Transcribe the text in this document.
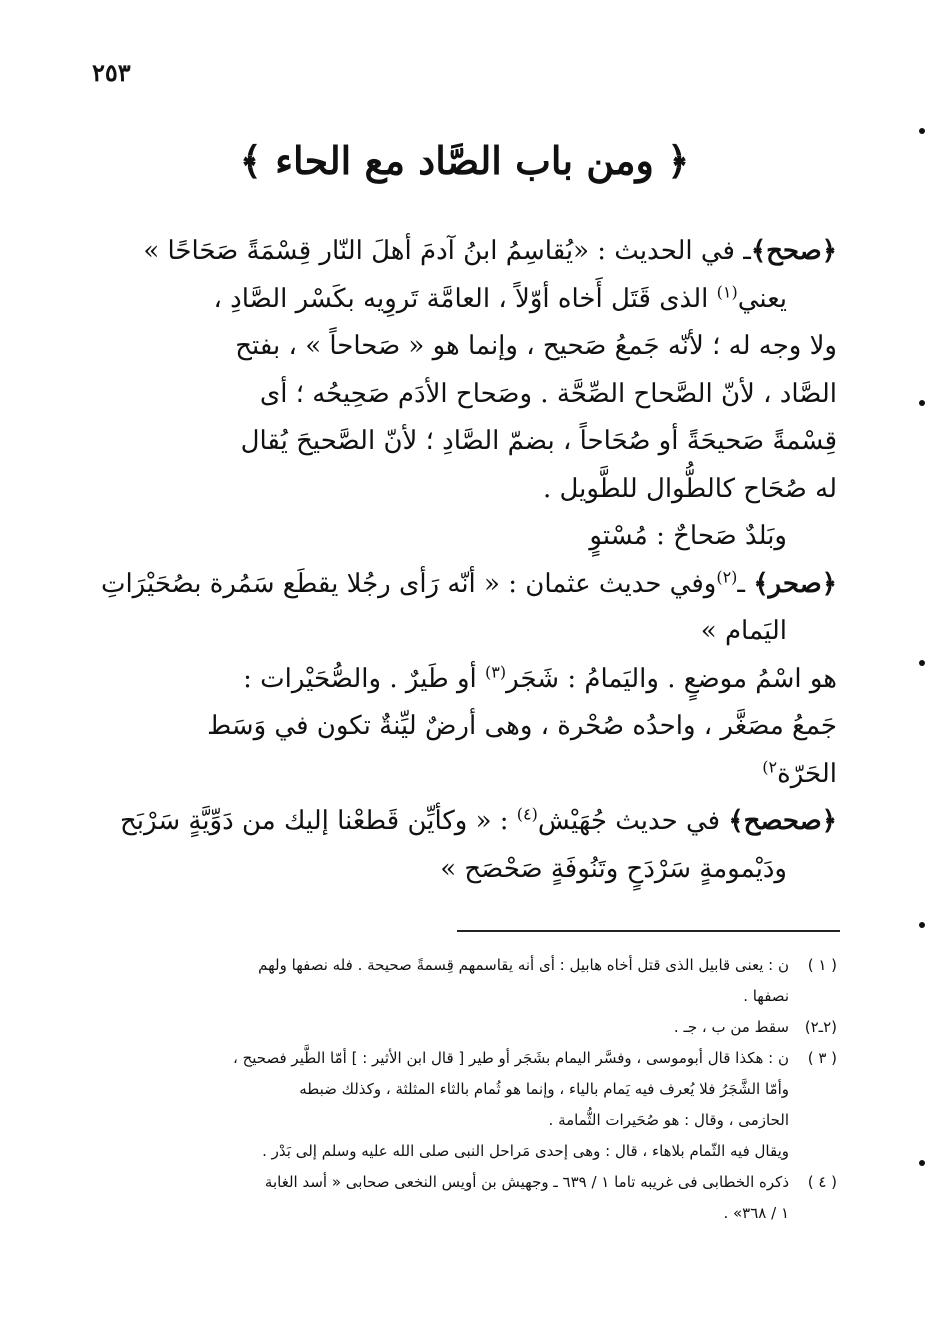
٢٥٣
﴿ ومن باب الصَّاد مع الحاء ﴾

﴿صحح﴾ـ في الحديث : «يُقاسِمُ ابنُ آدمَ أهلَ النّار قِسْمَةً صَحَاحًا »

يعني$^{(١)}$ الذى قَتَل أَخاه أوّلاً ، العامَّة تَروِيه بكَسْر الصَّادِ ،

ولا وجه له ؛ لأنّه جَمعُ صَحيح ، وإنما هو « صَحاحاً » ، بفتح

الصَّاد ، لأنّ الصَّحاح الصِّحَّة . وصَحاح الأدَم صَحِيحُه ؛ أى

قِسْمةً صَحيحَةً أو صُحَاحاً ، بضمّ الصَّادِ ؛ لأنّ الصَّحيحَ يُقال

له صُحَاح كالطُّوال للطَّويل .

وبَلدٌ صَحاحٌ : مُسْتوٍ

﴿صحر﴾ ـ$^{(٢)}$وفي حديث عثمان : « أنّه رَأى رجُلا يقطَع سَمُرة بصُحَيْرَاتِ

اليَمام »

هو اسْمُ موضعٍ . واليَمامُ : شَجَر$^{(٣)}$ أو طَيرٌ . والصُّحَيْرات :

جَمعُ مصَغَّر ، واحدُه صُحْرة ، وهى أرضٌ ليِّنةٌ تكون في وَسَط

الحَرّة$^{٢)}$

﴿صحصح﴾ في حديث جُهَيْش$^{(٤)}$ : « وكأيِّن قَطعْنا إليك من دَوِّيَّةٍ سَرْبَح

ودَيْمومةٍ سَرْدَحٍ وتَنُوفَةٍ صَحْصَح »

( ١ )
ن : يعنى قابيل الذى قتل أخاه هابيل : أى أنه يقاسمهم قِسمةً صحيحة . فله نصفها ولهم
نصفها .
(٢ـ٢)
سقط من ب ، جـ .
( ٣ )
ن : هكذا قال أبوموسى ، وفسَّر اليمام بشَجَر أو طير [ قال ابن الأثير : ] أمّا الطَّير فصحيح ،
وأمّا الشَّجَرُ فلا يُعرف فيه يَمام بالياء ، وإنما هو ثُمام بالثاء المثلثة ، وكذلك ضبطه
الحازمى ، وقال : هو صُحَيرات الثُّمامة .
ويقال فيه الثّمام بلاهاء ، قال : وهى إحدى مَراحل النبى صلى الله عليه وسلم إلى بَدْر .
( ٤ )
ذكره الخطابى فى غريبه تاما ١ / ٦٣٩ ـ وجهيش بن أويس النخعى صحابى « أسد الغابة
١ / ٣٦٨» .
